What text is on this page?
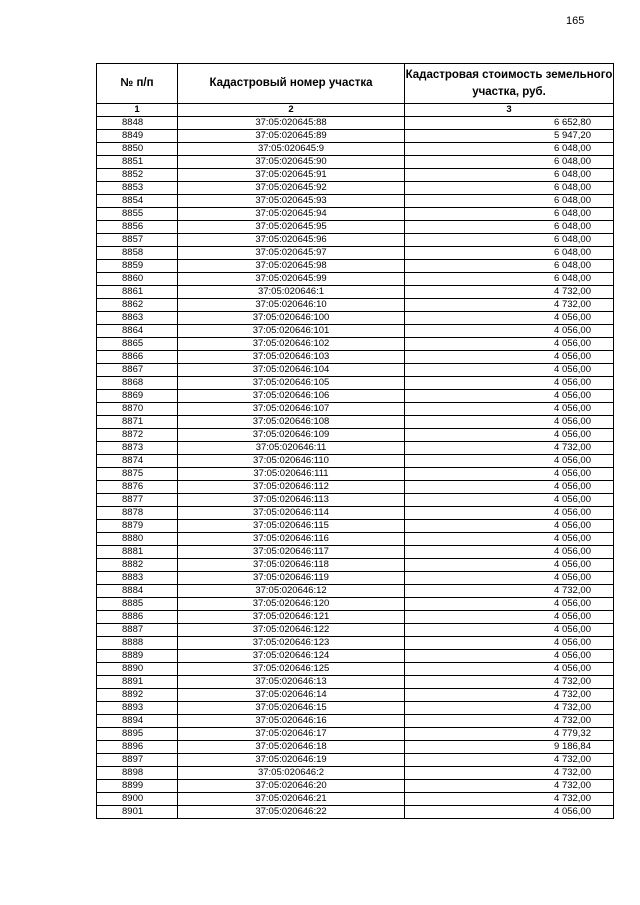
165
№ п/п	Кадастровый номер участка	Кадастровая стоимость земельного участка, руб.
1	2	3
8848	37:05:020645:88	6 652,80
8849	37:05:020645:89	5 947,20
8850	37:05:020645:9	6 048,00
8851	37:05:020645:90	6 048,00
8852	37:05:020645:91	6 048,00
8853	37:05:020645:92	6 048,00
8854	37:05:020645:93	6 048,00
8855	37:05:020645:94	6 048,00
8856	37:05:020645:95	6 048,00
8857	37:05:020645:96	6 048,00
8858	37:05:020645:97	6 048,00
8859	37:05:020645:98	6 048,00
8860	37:05:020645:99	6 048,00
8861	37:05:020646:1	4 732,00
8862	37:05:020646:10	4 732,00
8863	37:05:020646:100	4 056,00
8864	37:05:020646:101	4 056,00
8865	37:05:020646:102	4 056,00
8866	37:05:020646:103	4 056,00
8867	37:05:020646:104	4 056,00
8868	37:05:020646:105	4 056,00
8869	37:05:020646:106	4 056,00
8870	37:05:020646:107	4 056,00
8871	37:05:020646:108	4 056,00
8872	37:05:020646:109	4 056,00
8873	37:05:020646:11	4 732,00
8874	37:05:020646:110	4 056,00
8875	37:05:020646:111	4 056,00
8876	37:05:020646:112	4 056,00
8877	37:05:020646:113	4 056,00
8878	37:05:020646:114	4 056,00
8879	37:05:020646:115	4 056,00
8880	37:05:020646:116	4 056,00
8881	37:05:020646:117	4 056,00
8882	37:05:020646:118	4 056,00
8883	37:05:020646:119	4 056,00
8884	37:05:020646:12	4 732,00
8885	37:05:020646:120	4 056,00
8886	37:05:020646:121	4 056,00
8887	37:05:020646:122	4 056,00
8888	37:05:020646:123	4 056,00
8889	37:05:020646:124	4 056,00
8890	37:05:020646:125	4 056,00
8891	37:05:020646:13	4 732,00
8892	37:05:020646:14	4 732,00
8893	37:05:020646:15	4 732,00
8894	37:05:020646:16	4 732,00
8895	37:05:020646:17	4 779,32
8896	37:05:020646:18	9 186,84
8897	37:05:020646:19	4 732,00
8898	37:05:020646:2	4 732,00
8899	37:05:020646:20	4 732,00
8900	37:05:020646:21	4 732,00
8901	37:05:020646:22	4 056,00
